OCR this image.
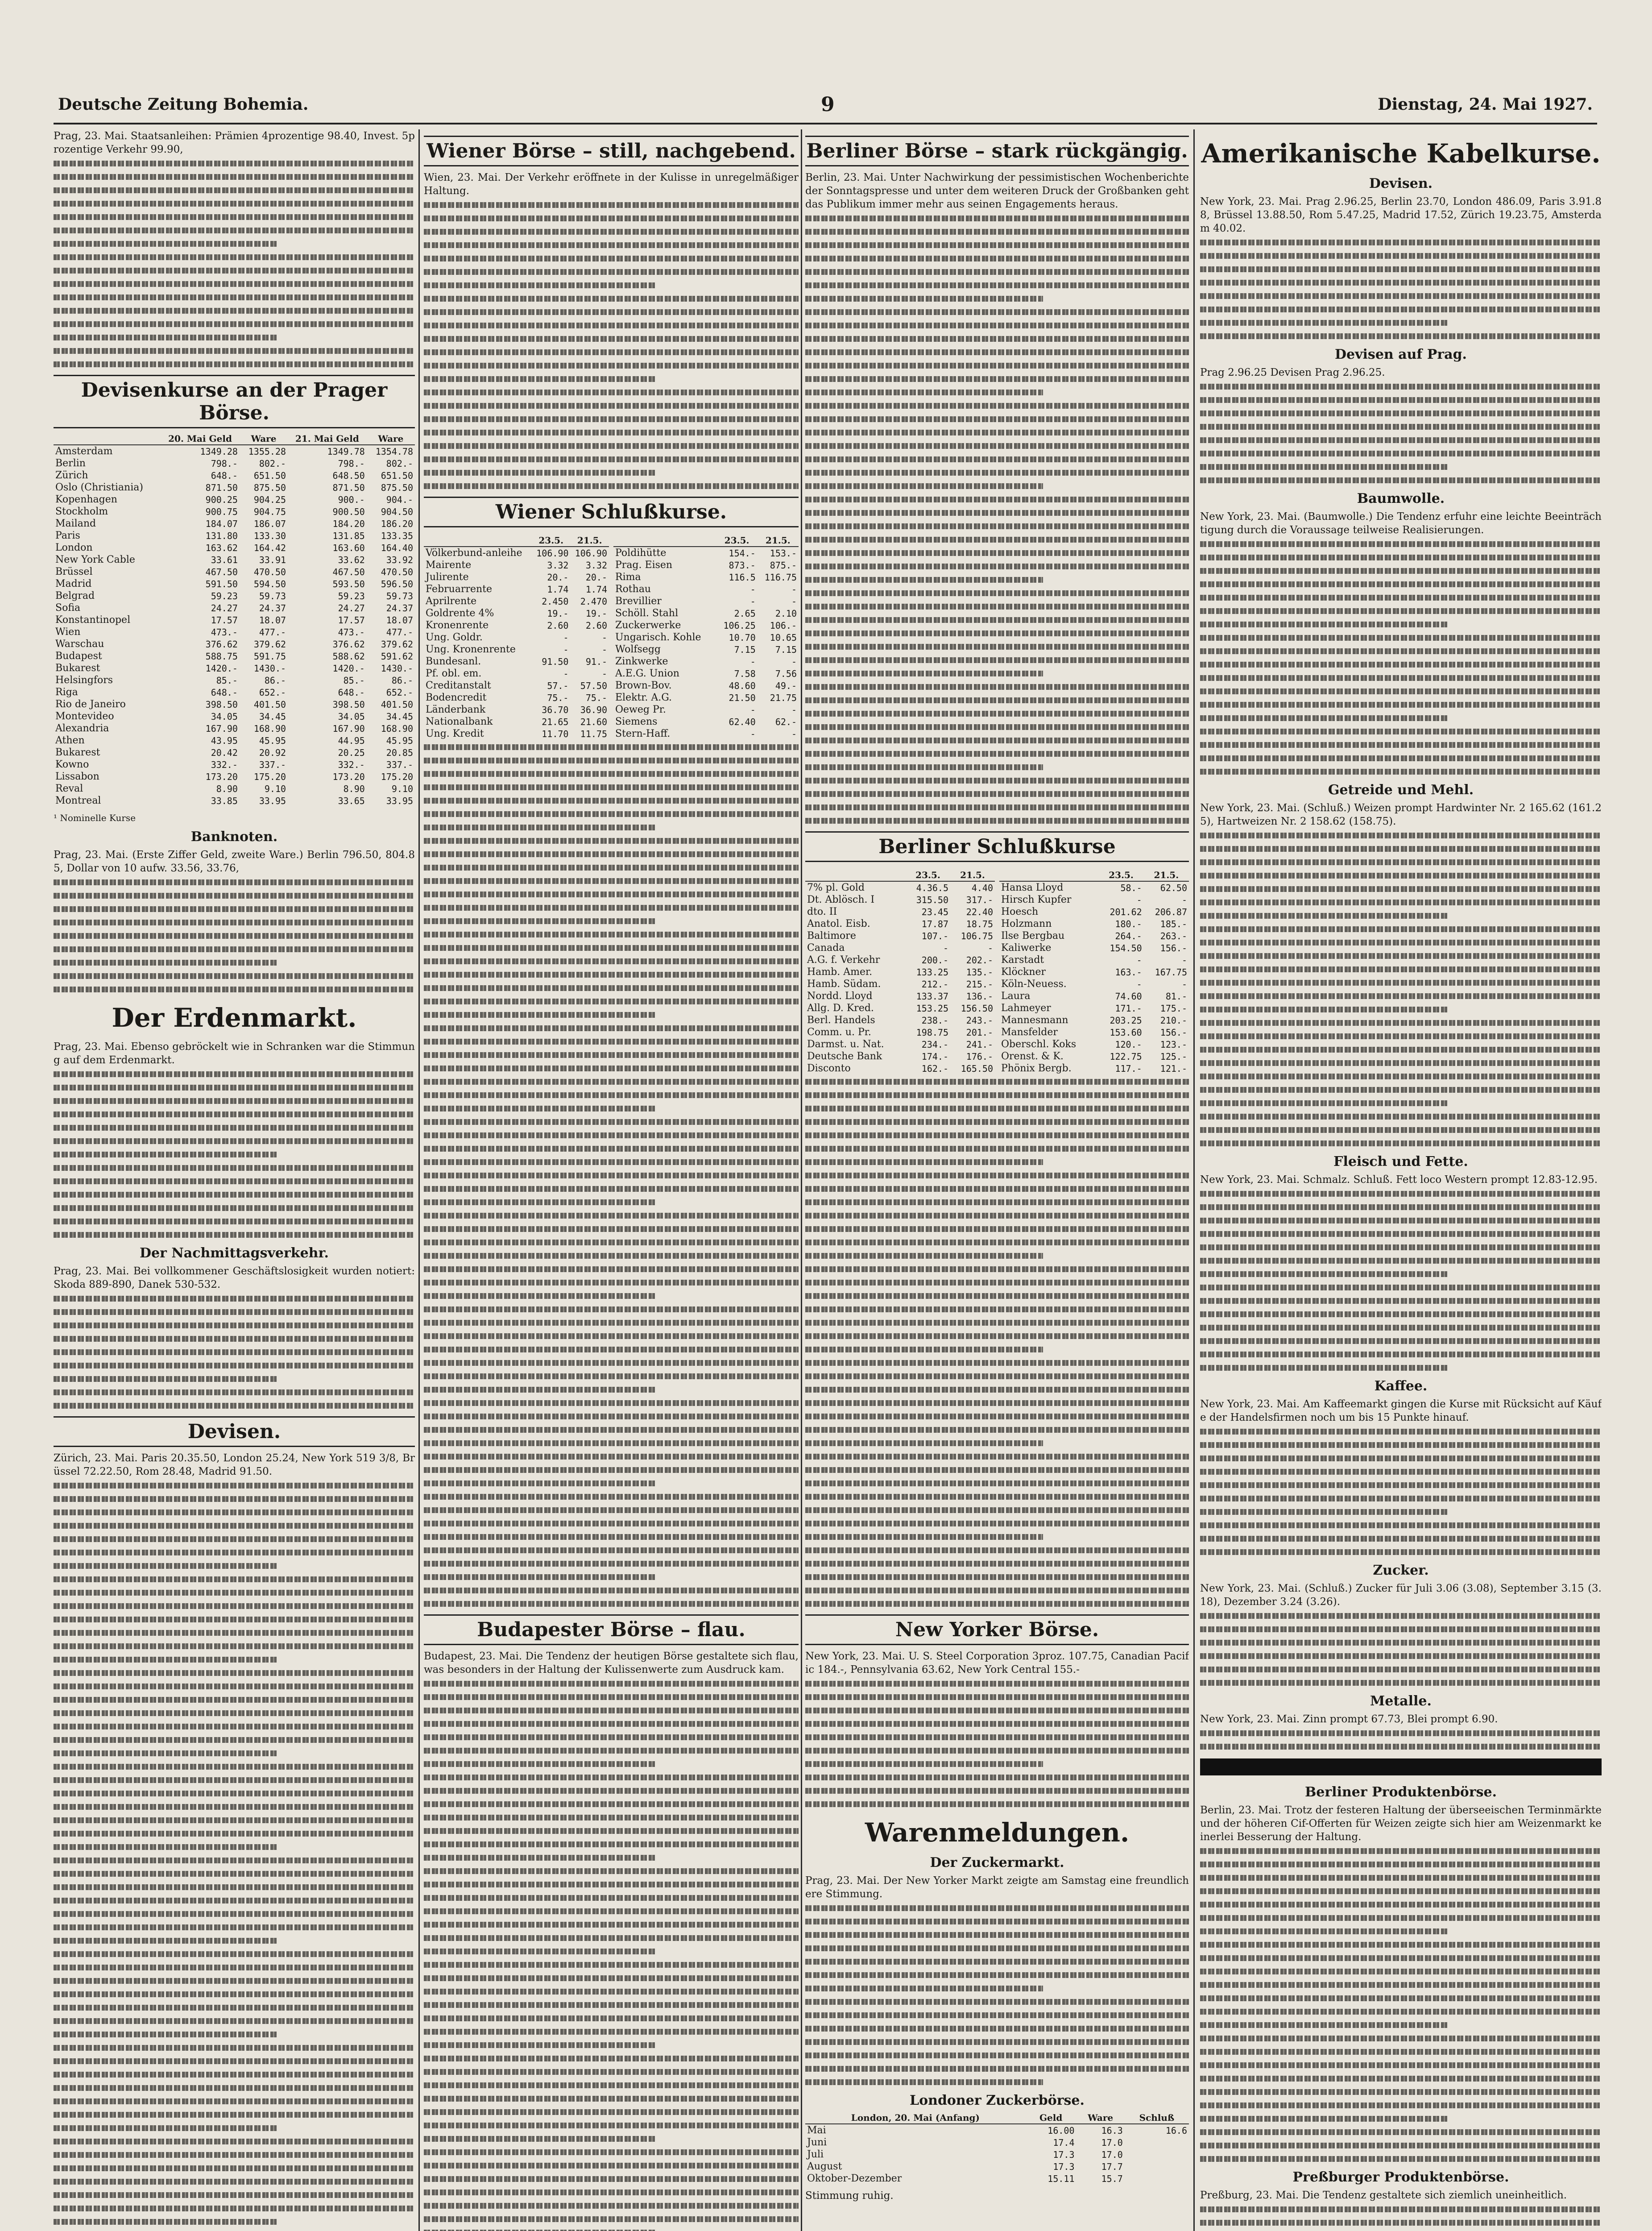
Deutsche Zeitung Bohemia.	9	Dienstag, 24. Mai 1927.

Prag, 23. Mai. Staatsanleihen: Prämien 4prozentige 98.40, Invest. 5prozentige Verkehr 99.90,

Devisenkurse an der Prager Börse.
	20. Mai Geld	Ware	21. Mai Geld	Ware
Amsterdam	1349.28	1355.28	1349.78	1354.78
Berlin	798.-	802.-	798.-	802.-
Zürich	648.-	651.50	648.50	651.50
Oslo (Christiania)	871.50	875.50	871.50	875.50
Kopenhagen	900.25	904.25	900.-	904.-
Stockholm	900.75	904.75	900.50	904.50
Mailand	184.07	186.07	184.20	186.20
Paris	131.80	133.30	131.85	133.35
London	163.62	164.42	163.60	164.40
New York Cable	33.61	33.91	33.62	33.92
Brüssel	467.50	470.50	467.50	470.50
Madrid	591.50	594.50	593.50	596.50
Belgrad	59.23	59.73	59.23	59.73
Sofia	24.27	24.37	24.27	24.37
Konstantinopel	17.57	18.07	17.57	18.07
Wien	473.-	477.-	473.-	477.-
Warschau	376.62	379.62	376.62	379.62
Budapest	588.75	591.75	588.62	591.62
Bukarest	1420.-	1430.-	1420.-	1430.-
Helsingfors	85.-	86.-	85.-	86.-
Riga	648.-	652.-	648.-	652.-
Rio de Janeiro	398.50	401.50	398.50	401.50
Montevideo	34.05	34.45	34.05	34.45
Alexandria	167.90	168.90	167.90	168.90
Athen	43.95	45.95	44.95	45.95
Bukarest	20.42	20.92	20.25	20.85
Kowno	332.-	337.-	332.-	337.-
Lissabon	173.20	175.20	173.20	175.20
Reval	8.90	9.10	8.90	9.10
Montreal	33.85	33.95	33.65	33.95

¹ Nominelle Kurse

Banknoten.

Prag, 23. Mai. (Erste Ziffer Geld, zweite Ware.) Berlin 796.50, 804.85, Dollar von 10 aufw. 33.56, 33.76,

Der Erdenmarkt.

Prag, 23. Mai. Ebenso gebröckelt wie in Schranken war die Stimmung auf dem Erdenmarkt.

Der Nachmittagsverkehr.

Prag, 23. Mai. Bei vollkommener Geschäftslosigkeit wurden notiert: Skoda 889-890, Danek 530-532.

Devisen.

Zürich, 23. Mai. Paris 20.35.50, London 25.24, New York 519 3/8, Brüssel 72.22.50, Rom 28.48, Madrid 91.50.

Wiener Börse – still, nachgebend.

Wien, 23. Mai. Der Verkehr eröffnete in der Kulisse in unregelmäßiger Haltung.

Wiener Schlußkurse.
	23.5.	21.5.
Völkerbund-anleihe	106.90	106.90
Mairente	3.32	3.32
Julirente	20.-	20.-
Februarrente	1.74	1.74
Aprilrente	2.450	2.470
Goldrente 4%	19.-	19.-
Kronenrente	2.60	2.60
Ung. Goldr.	-	-
Ung. Kronenrente	-	-
Bundesanl.	91.50	91.-
Pf. obl. em.	-	-
Creditanstalt	57.-	57.50
Bodencredit	75.-	75.-
Länderbank	36.70	36.90
Nationalbank	21.65	21.60
Ung. Kredit	11.70	11.75
	23.5.	21.5.
Poldihütte	154.-	153.-
Prag. Eisen	873.-	875.-
Rima	116.5	116.75
Rothau	-	-
Brevillier	-	-
Schöll. Stahl	2.65	2.10
Zuckerwerke	106.25	106.-
Ungarisch. Kohle	10.70	10.65
Wolfsegg	7.15	7.15
Zinkwerke	-	-
A.E.G. Union	7.58	7.56
Brown-Bov.	48.60	49.-
Elektr. A.G.	21.50	21.75
Oeweg Pr.	-	-
Siemens	62.40	62.-
Stern-Haff.	-	-
Budapester Börse – flau.

Budapest, 23. Mai. Die Tendenz der heutigen Börse gestaltete sich flau, was besonders in der Haltung der Kulissenwerte zum Ausdruck kam.

Berliner Börse – stark rückgängig.

Berlin, 23. Mai. Unter Nachwirkung der pessimistischen Wochenberichte der Sonntagspresse und unter dem weiteren Druck der Großbanken geht das Publikum immer mehr aus seinen Engagements heraus.

Berliner Schlußkurse
	23.5.	21.5.
7% pl. Gold	4.36.5	4.40
Dt. Ablösch. I	315.50	317.-
dto. II	23.45	22.40
Anatol. Eisb.	17.87	18.75
Baltimore	107.-	106.75
Canada	-	-
A.G. f. Verkehr	200.-	202.-
Hamb. Amer.	133.25	135.-
Hamb. Südam.	212.-	215.-
Nordd. Lloyd	133.37	136.-
Allg. D. Kred.	153.25	156.50
Berl. Handels	238.-	243.-
Comm. u. Pr.	198.75	201.-
Darmst. u. Nat.	234.-	241.-
Deutsche Bank	174.-	176.-
Disconto	162.-	165.50
	23.5.	21.5.
Hansa Lloyd	58.-	62.50
Hirsch Kupfer	-	-
Hoesch	201.62	206.87
Holzmann	180.-	185.-
Ilse Bergbau	264.-	263.-
Kaliwerke	154.50	156.-
Karstadt	-	-
Klöckner	163.-	167.75
Köln-Neuess.	-	-
Laura	74.60	81.-
Lahmeyer	171.-	175.-
Mannesmann	203.25	210.-
Mansfelder	153.60	156.-
Oberschl. Koks	120.-	123.-
Orenst. & K.	122.75	125.-
Phönix Bergb.	117.-	121.-
New Yorker Börse.

New York, 23. Mai. U. S. Steel Corporation 3proz. 107.75, Canadian Pacific 184.-, Pennsylvania 63.62, New York Central 155.-

Warenmeldungen.
Der Zuckermarkt.

Prag, 23. Mai. Der New Yorker Markt zeigte am Samstag eine freundlichere Stimmung.

Londoner Zuckerbörse.
London, 20. Mai (Anfang)	Geld	Ware	Schluß
Mai	16.00	16.3	16.6
Juni	17.4	17.0	
Juli	17.3	17.0	
August	17.3	17.7	
Oktober-Dezember	15.11	15.7	

Stimmung ruhig.

Amerikanische Kabelkurse.
Devisen.

New York, 23. Mai. Prag 2.96.25, Berlin 23.70, London 486.09, Paris 3.91.88, Brüssel 13.88.50, Rom 5.47.25, Madrid 17.52, Zürich 19.23.75, Amsterdam 40.02.

Devisen auf Prag.

Prag 2.96.25 Devisen Prag 2.96.25.

Baumwolle.

New York, 23. Mai. (Baumwolle.) Die Tendenz erfuhr eine leichte Beeinträchtigung durch die Voraussage teilweise Realisierungen.

Getreide und Mehl.

New York, 23. Mai. (Schluß.) Weizen prompt Hardwinter Nr. 2 165.62 (161.25), Hartweizen Nr. 2 158.62 (158.75).

Fleisch und Fette.

New York, 23. Mai. Schmalz. Schluß. Fett loco Western prompt 12.83-12.95.

Kaffee.

New York, 23. Mai. Am Kaffeemarkt gingen die Kurse mit Rücksicht auf Käufe der Handelsfirmen noch um bis 15 Punkte hinauf.

Zucker.

New York, 23. Mai. (Schluß.) Zucker für Juli 3.06 (3.08), September 3.15 (3.18), Dezember 3.24 (3.26).

Metalle.

New York, 23. Mai. Zinn prompt 67.73, Blei prompt 6.90.

Berliner Produktenbörse.

Berlin, 23. Mai. Trotz der festeren Haltung der überseeischen Terminmärkte und der höheren Cif-Offerten für Weizen zeigte sich hier am Weizenmarkt keinerlei Besserung der Haltung.

Preßburger Produktenbörse.

Preßburg, 23. Mai. Die Tendenz gestaltete sich ziemlich uneinheitlich.
